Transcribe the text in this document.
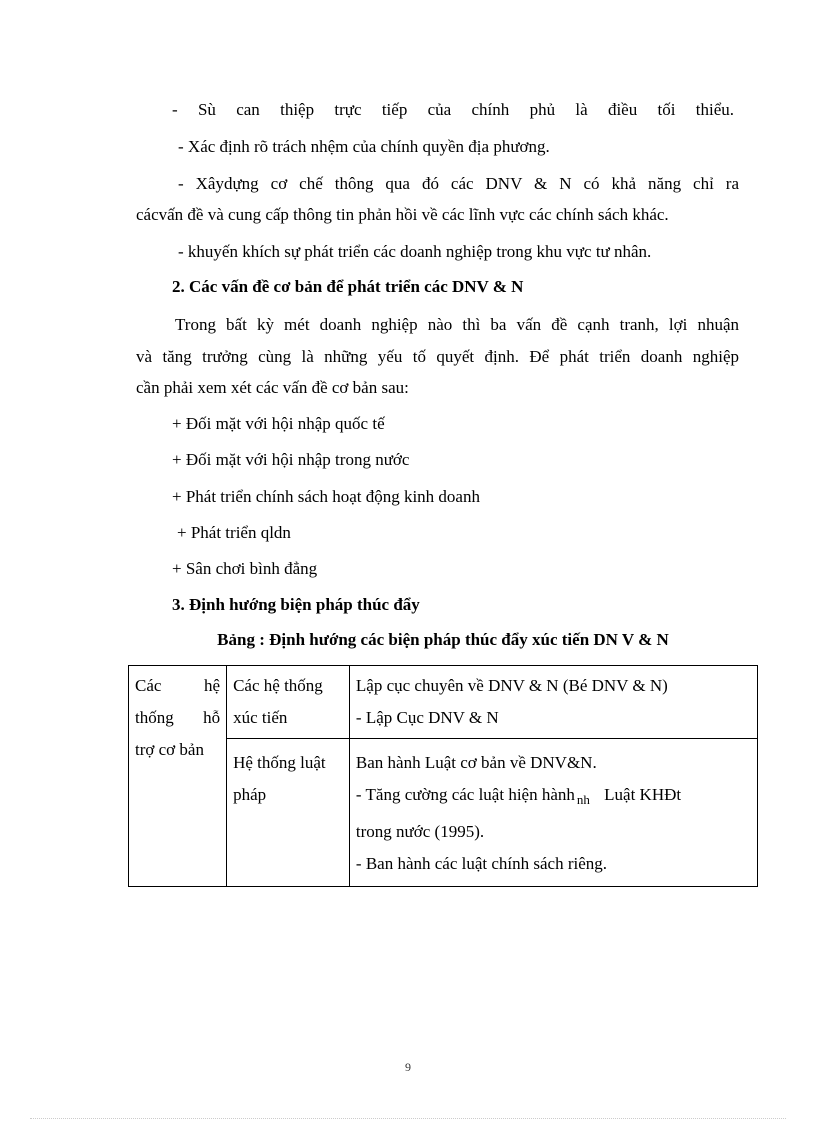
- Sù can thiệp trực tiếp của chính phủ là điều tối thiểu.
- Xác định rõ trách nhệm của chính quyền địa phương.
- Xâydựng cơ chế thông qua đó các DNV & N có khả năng chỉ ra
cácvấn đề và cung cấp thông tin phản hồi về các lĩnh vực các chính sách khác.
- khuyến khích sự phát triển các doanh nghiệp trong khu vực tư nhân.
2. Các vấn đề cơ bản để phát triển các DNV & N
Trong bất kỳ mét doanh nghiệp nào thì ba vấn đề cạnh tranh, lợi nhuận
và tăng trưởng cùng là những yếu tố quyết định. Để phát triển doanh nghiệp
cần phải xem xét các vấn đề cơ bản sau:
+ Đối mặt với hội nhập quốc tế
+ Đối mặt với hội nhập trong nước
+ Phát triển chính sách hoạt động kinh doanh
+ Phát triển qldn
+ Sân chơi bình đẳng
3. Định hướng biện pháp thúc đẩy
Bảng : Định hướng các biện pháp thúc đẩy xúc tiến DN V & N
Các hệ
thống hỗ
trợ cơ bản	Các hệ thống
xúc tiến	Lập cục chuyên về DNV & N (Bé DNV & N)
- Lập Cục DNV & N

	Hệ thống luật
pháp	Ban hành Luật cơ bản về DNV&N.
- Tăng cường các luật hiện hành $_{nh}$ Luật KHĐt
trong nước (1995).
- Ban hành các luật chính sách riêng.
9
